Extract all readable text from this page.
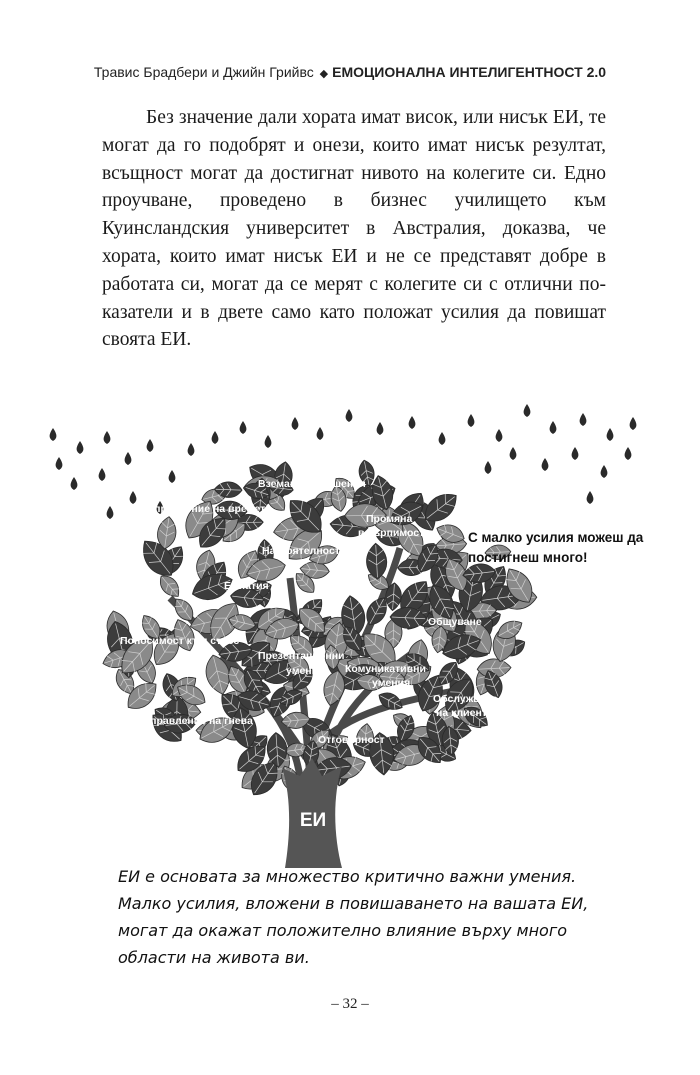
Травис Брадбери и Джийн Грийвс ◆ ЕМОЦИОНАЛНА ИНТЕЛИГЕНТНОСТ 2.0

Без значение дали хората имат висок, или нисък ЕИ, те могат да го подобрят и онези, които имат нисък резултат, всъщност могат да достигнат нивото на колегите си. Едно проучване, проведено в бизнес училището към Куинсландския университет в Австралия, доказва, че хората, които имат нисък ЕИ и не се представят добре в работата си, могат да се мерят с колегите си с отлични показатели и в двете само като положат усилия да повишат своята ЕИ.

ЕИ
Вземане на решения
Управление на времето
Промяна
в търпимостта
Настоятелност
Емпатия
Общуване
Поносимост към стрес
Презентационни
умения Комуникативни
умения
Обслужване
на клиенти
Управление на гнева
Отговорност
Приспосо-
бимост
Доверие

С малко усилия можеш да постигнеш много!

ЕИ е основата за множество критично важни умения. Малко усилия, вложени в повишаването на вашата ЕИ, могат да окажат положително влияние върху много области на живота ви.

– 32 –
